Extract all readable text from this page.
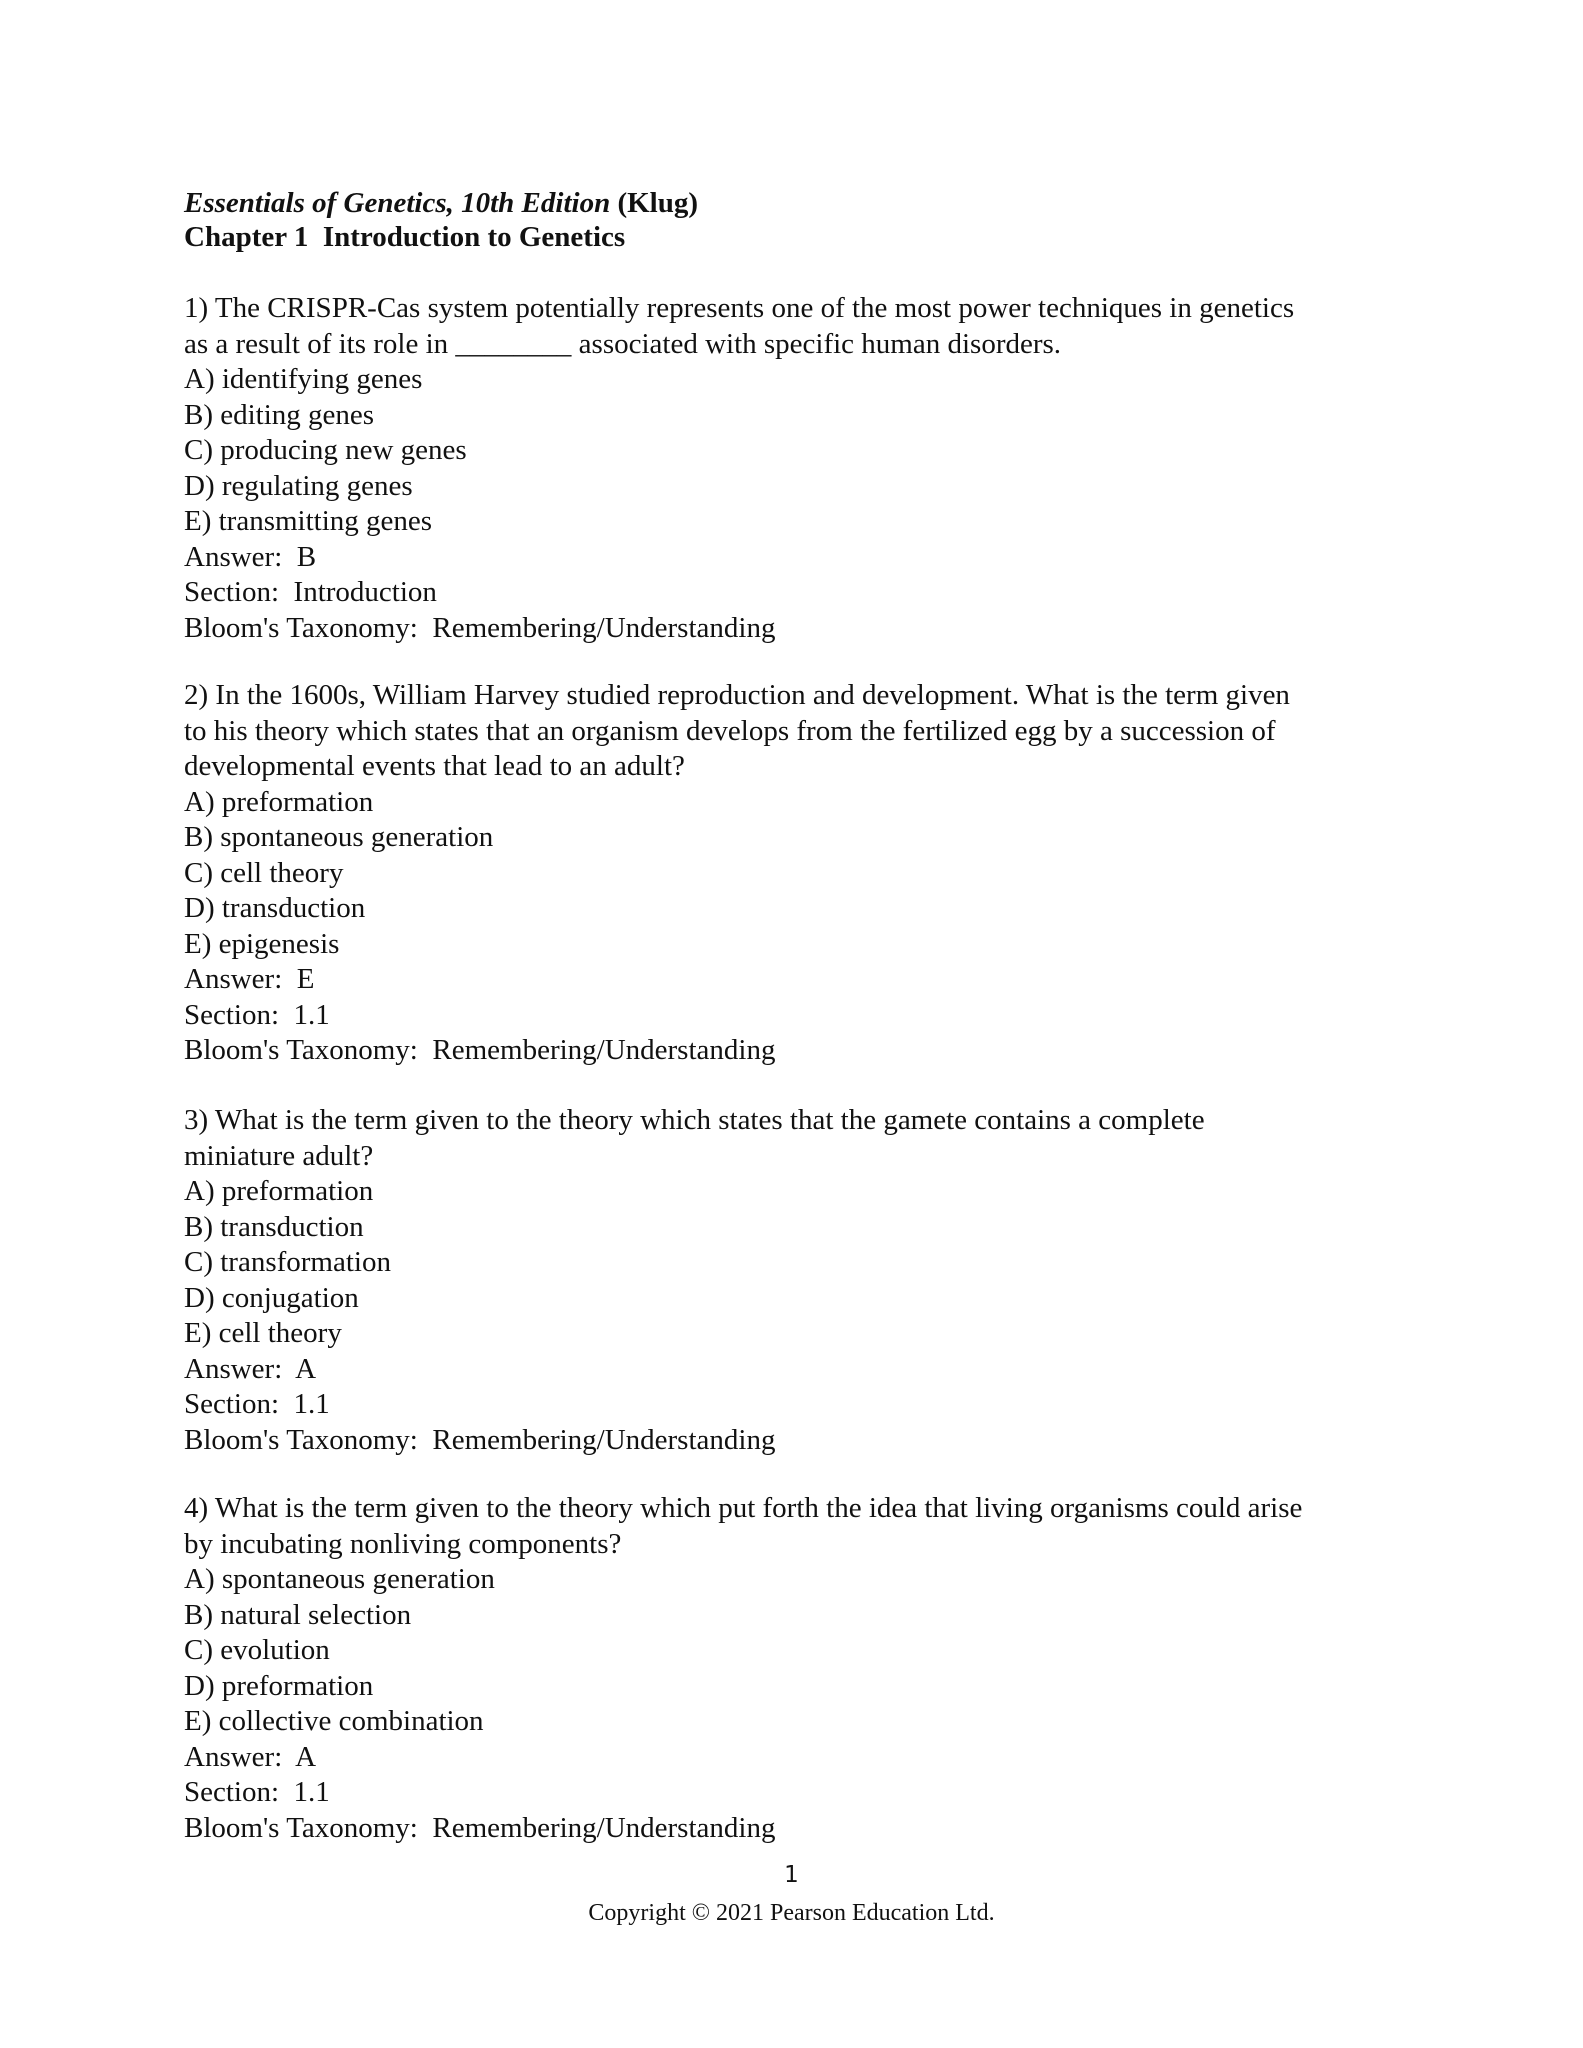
Essentials of Genetics, 10th Edition (Klug)
Chapter 1  Introduction to Genetics
1) The CRISPR-Cas system potentially represents one of the most power techniques in genetics
as a result of its role in ________ associated with specific human disorders.
A) identifying genes
B) editing genes
C) producing new genes
D) regulating genes
E) transmitting genes
Answer:  B
Section:  Introduction
Bloom's Taxonomy:  Remembering/Understanding
2) In the 1600s, William Harvey studied reproduction and development. What is the term given
to his theory which states that an organism develops from the fertilized egg by a succession of
developmental events that lead to an adult?
A) preformation
B) spontaneous generation
C) cell theory
D) transduction
E) epigenesis
Answer:  E
Section:  1.1
Bloom's Taxonomy:  Remembering/Understanding
3) What is the term given to the theory which states that the gamete contains a complete
miniature adult?
A) preformation
B) transduction
C) transformation
D) conjugation
E) cell theory
Answer:  A
Section:  1.1
Bloom's Taxonomy:  Remembering/Understanding
4) What is the term given to the theory which put forth the idea that living organisms could arise
by incubating nonliving components?
A) spontaneous generation
B) natural selection
C) evolution
D) preformation
E) collective combination
Answer:  A
Section:  1.1
Bloom's Taxonomy:  Remembering/Understanding
1
Copyright © 2021 Pearson Education Ltd.
